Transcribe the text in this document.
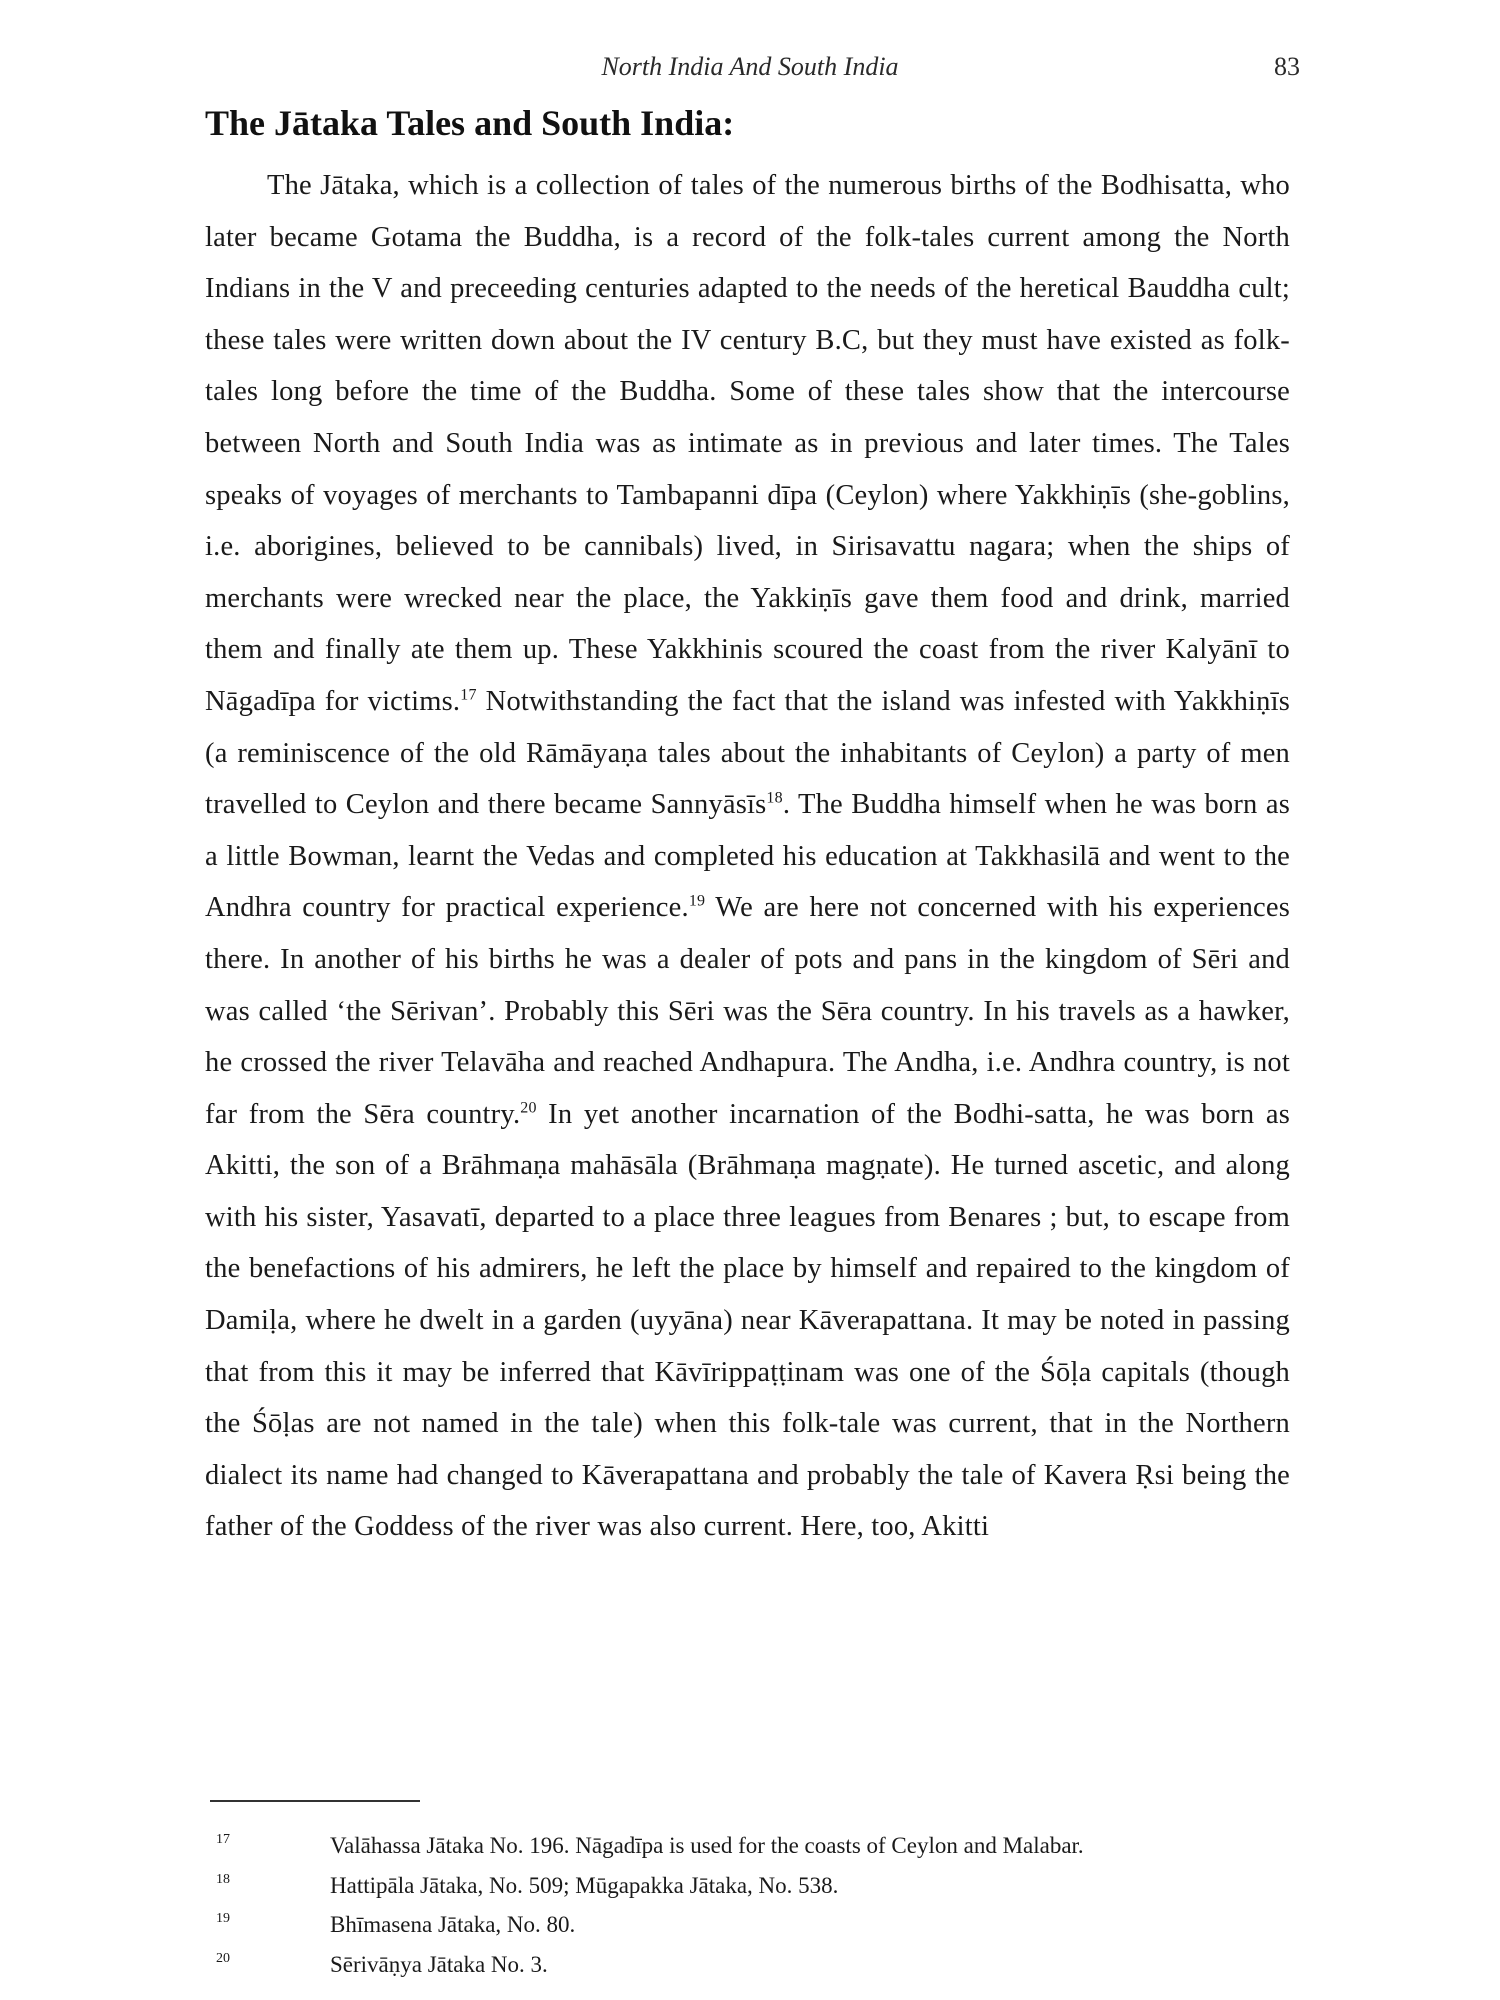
North India And South India	83
The Jātaka Tales and South India:

The Jātaka, which is a collection of tales of the numerous births of the Bodhisatta, who later became Gotama the Buddha, is a record of the folk-tales current among the North Indians in the V and preceeding centuries adapted to the needs of the heretical Bauddha cult; these tales were written down about the IV century B.C, but they must have existed as folk-tales long before the time of the Buddha. Some of these tales show that the intercourse between North and South India was as intimate as in previous and later times. The Tales speaks of voyages of merchants to Tambapanni dīpa (Ceylon) where Yakkhiṇīs (she-goblins, i.e. aborigines, believed to be cannibals) lived, in Sirisavattu nagara; when the ships of merchants were wrecked near the place, the Yakkiṇīs gave them food and drink, married them and finally ate them up. These Yakkhinis scoured the coast from the river Kalyānī to Nāgadīpa for victims.$^{17}$ Notwithstanding the fact that the island was infested with Yakkhiṇīs (a reminiscence of the old Rāmāyaṇa tales about the inhabitants of Ceylon) a party of men travelled to Ceylon and there became Sannyāsīs$^{18}$. The Buddha himself when he was born as a little Bowman, learnt the Vedas and completed his education at Takkhasilā and went to the Andhra country for practical experience.$^{19}$ We are here not concerned with his experiences there. In another of his births he was a dealer of pots and pans in the kingdom of Sēri and was called ‘the Sērivan’. Probably this Sēri was the Sēra country. In his travels as a hawker, he crossed the river Telavāha and reached Andhapura. The Andha, i.e. Andhra country, is not far from the Sēra country.$^{20}$ In yet another incarnation of the Bodhi-satta, he was born as Akitti, the son of a Brāhmaṇa mahāsāla (Brāhmaṇa magṇate). He turned ascetic, and along with his sister, Yasavatī, departed to a place three leagues from Benares ; but, to escape from the benefactions of his admirers, he left the place by himself and repaired to the kingdom of Damiḷa, where he dwelt in a garden (uyyāna) near Kāverapattana. It may be noted in passing that from this it may be inferred that Kāvīrippaṭṭinam was one of the Śōḷa capitals (though the Śōḷas are not named in the tale) when this folk-tale was current, that in the Northern dialect its name had changed to Kāverapattana and probably the tale of Kavera Ṛsi being the father of the Goddess of the river was also current. Here, too, Akitti

17	Valāhassa Jātaka No. 196. Nāgadīpa is used for the coasts of Ceylon and Malabar.
18	Hattipāla Jātaka, No. 509; Mūgapakka Jātaka, No. 538.
19	Bhīmasena Jātaka, No. 80.
20	Sērivāṇya Jātaka No. 3.
